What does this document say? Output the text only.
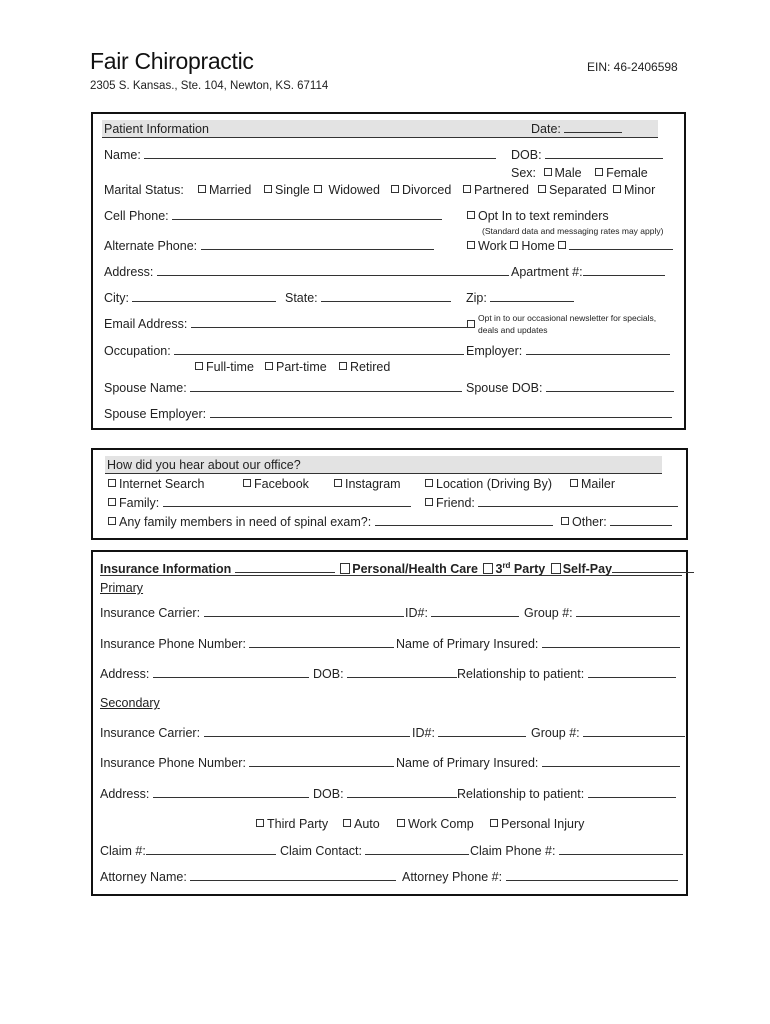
Fair Chiropractic
2305 S. Kansas., Ste. 104, Newton, KS. 67114
EIN: 46-2406598
Patient Information	Date:
Name:	DOB:
Sex: Male Female
Marital Status:	Married	Single	Widowed	Divorced	Partnered	Separated	Minor
Cell Phone:	Opt In to text reminders
(Standard data and messaging rates may apply)
Alternate Phone:	Work Home
Address:	Apartment #:
City:	State:	Zip:
Email Address:	Opt in to our occasional newsletter for specials,
deals and updates
Occupation:	Employer:
Full-time	Part-time	Retired
Spouse Name:	Spouse DOB:
Spouse Employer:
How did you hear about our office?
Internet Search	Facebook	Instagram	Location (Driving By)	Mailer
Family:	Friend:
Any family members in need of spinal exam?:	Other:
Insurance Information	Personal/Health Care 3rd Party Self-Pay
Primary
Insurance Carrier:	ID#:	Group #:
Insurance Phone Number:	Name of Primary Insured:
Address:	DOB:	Relationship to patient:
Secondary
Insurance Carrier:	ID#:	Group #:
Insurance Phone Number:	Name of Primary Insured:
Address:	DOB:	Relationship to patient:
Third Party	Auto	Work Comp	Personal Injury
Claim #:	Claim Contact:	Claim Phone #:
Attorney Name:	Attorney Phone #:
